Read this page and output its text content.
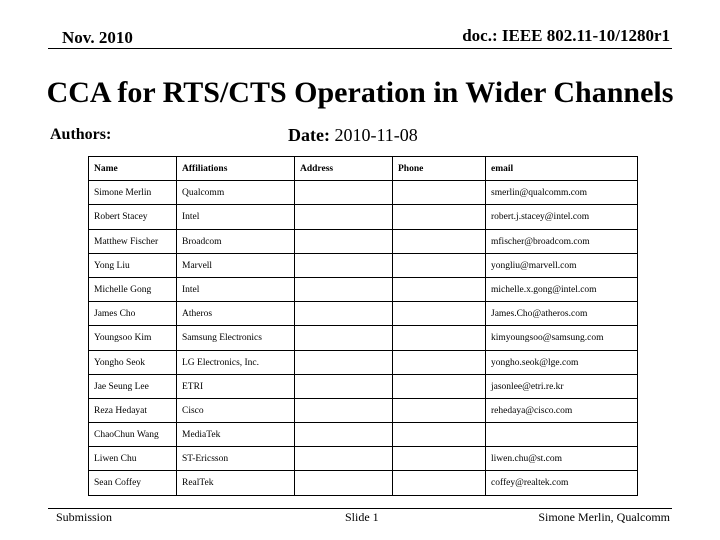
Nov. 2010	doc.: IEEE 802.11-10/1280r1
CCA for RTS/CTS Operation in Wider Channels
Authors:	Date: 2010-11-08
Name	Affiliations	Address	Phone	email
Simone Merlin	Qualcomm			smerlin@qualcomm.com
Robert Stacey	Intel			robert.j.stacey@intel.com
Matthew Fischer	Broadcom			mfischer@broadcom.com
Yong Liu	Marvell			yongliu@marvell.com
Michelle Gong	Intel			michelle.x.gong@intel.com
James Cho	Atheros			James.Cho@atheros.com
Youngsoo Kim	Samsung Electronics			kimyoungsoo@samsung.com
Yongho Seok	LG Electronics, Inc.			yongho.seok@lge.com
Jae Seung Lee	ETRI			jasonlee@etri.re.kr
Reza Hedayat	Cisco			rehedaya@cisco.com
ChaoChun Wang	MediaTek			
Liwen Chu	ST-Ericsson			liwen.chu@st.com
Sean Coffey	RealTek			coffey@realtek.com
Submission	Slide 1	Simone Merlin, Qualcomm
